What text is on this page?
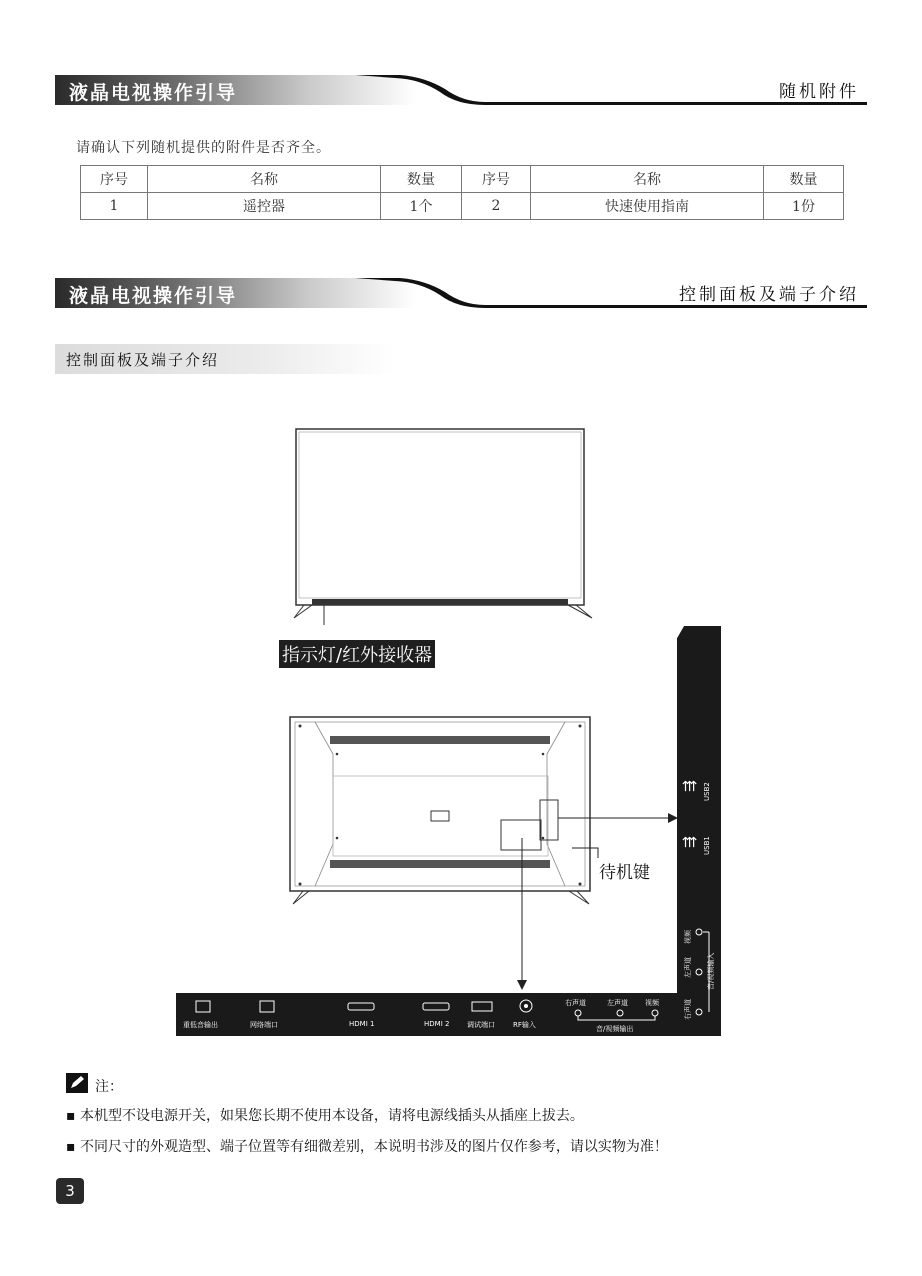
液晶电视操作引导	随机附件
请确认下列随机提供的附件是否齐全。
序号	名称	数量	序号	名称	数量
1	遥控器	1个	2	快速使用指南	1份
液晶电视操作引导	控制面板及端子介绍
控制面板及端子介绍
指示灯/红外接收器
待机键
⇶ USB2
⇶ USB1
视频
左声道 音/视频输入
右声道
重低音输出	网络端口	HDMI 1	HDMI 2	调试端口	RF输入
右声道	左声道 视频
音/视频输出
注：
▪ 本机型不设电源开关，如果您长期不使用本设备，请将电源线插头从插座上拔去。
▪ 不同尺寸的外观造型、端子位置等有细微差别，本说明书涉及的图片仅作参考，请以实物为准！
3
